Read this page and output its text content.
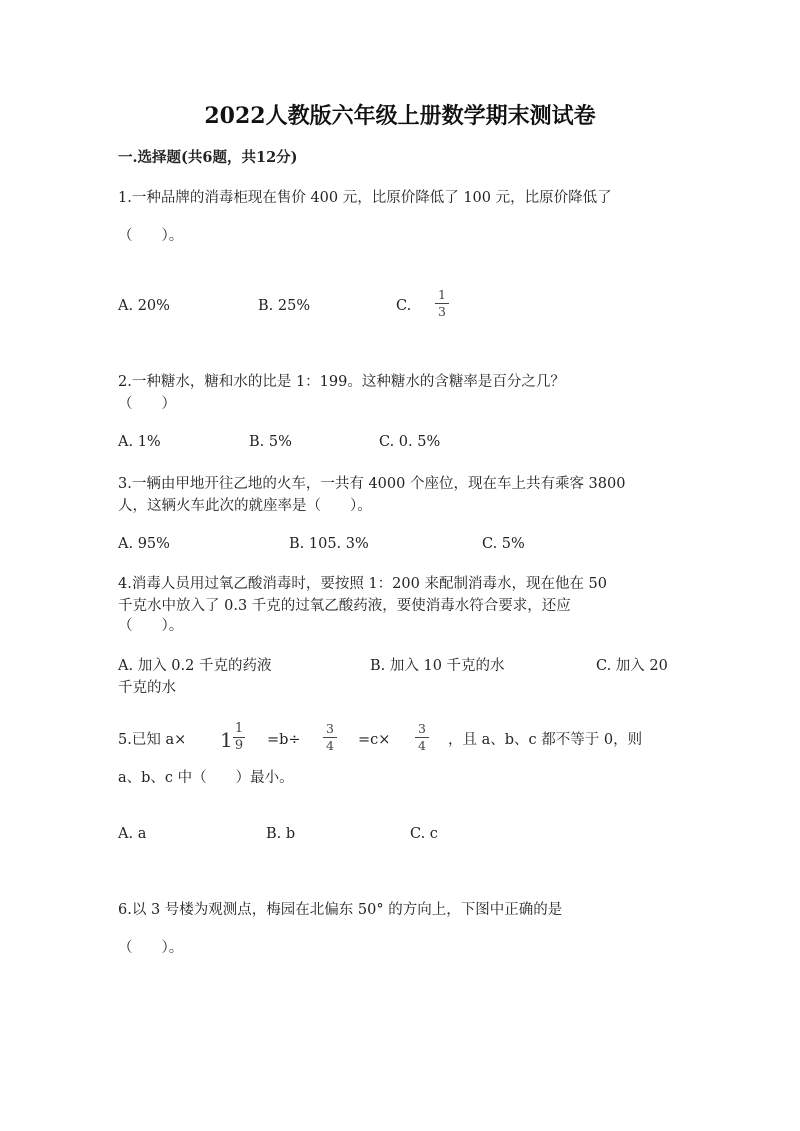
2022人教版六年级上册数学期末测试卷
一.选择题(共6题，共12分)
1.一种品牌的消毒柜现在售价 400 元，比原价降低了 100 元，比原价降低了
（　　）。
A. 20%	B. 25%	C.
1
3
2.一种糖水，糖和水的比是 1：199。这种糖水的含糖率是百分之几？
（　　）
A. 1%	B. 5%	C. 0. 5%
3.一辆由甲地开往乙地的火车，一共有 4000 个座位，现在车上共有乘客 3800
人，这辆火车此次的就座率是（　　）。
A. 95%	B. 105. 3%	C. 5%
4.消毒人员用过氧乙酸消毒时，要按照 1：200 来配制消毒水，现在他在 50
千克水中放入了 0.3 千克的过氧乙酸药液，要使消毒水符合要求，还应
（　　）。
A. 加入 0.2 千克的药液	B. 加入 10 千克的水	C. 加入 20
千克的水
5.已知 a× 1 1
9 =b÷
3
4 =c×
3
4 ，且 a、b、c 都不等于 0，则
a、b、c 中（　　）最小。
A. a	B. b	C. c
6.以 3 号楼为观测点，梅园在北偏东 50° 的方向上，下图中正确的是
（　　）。
